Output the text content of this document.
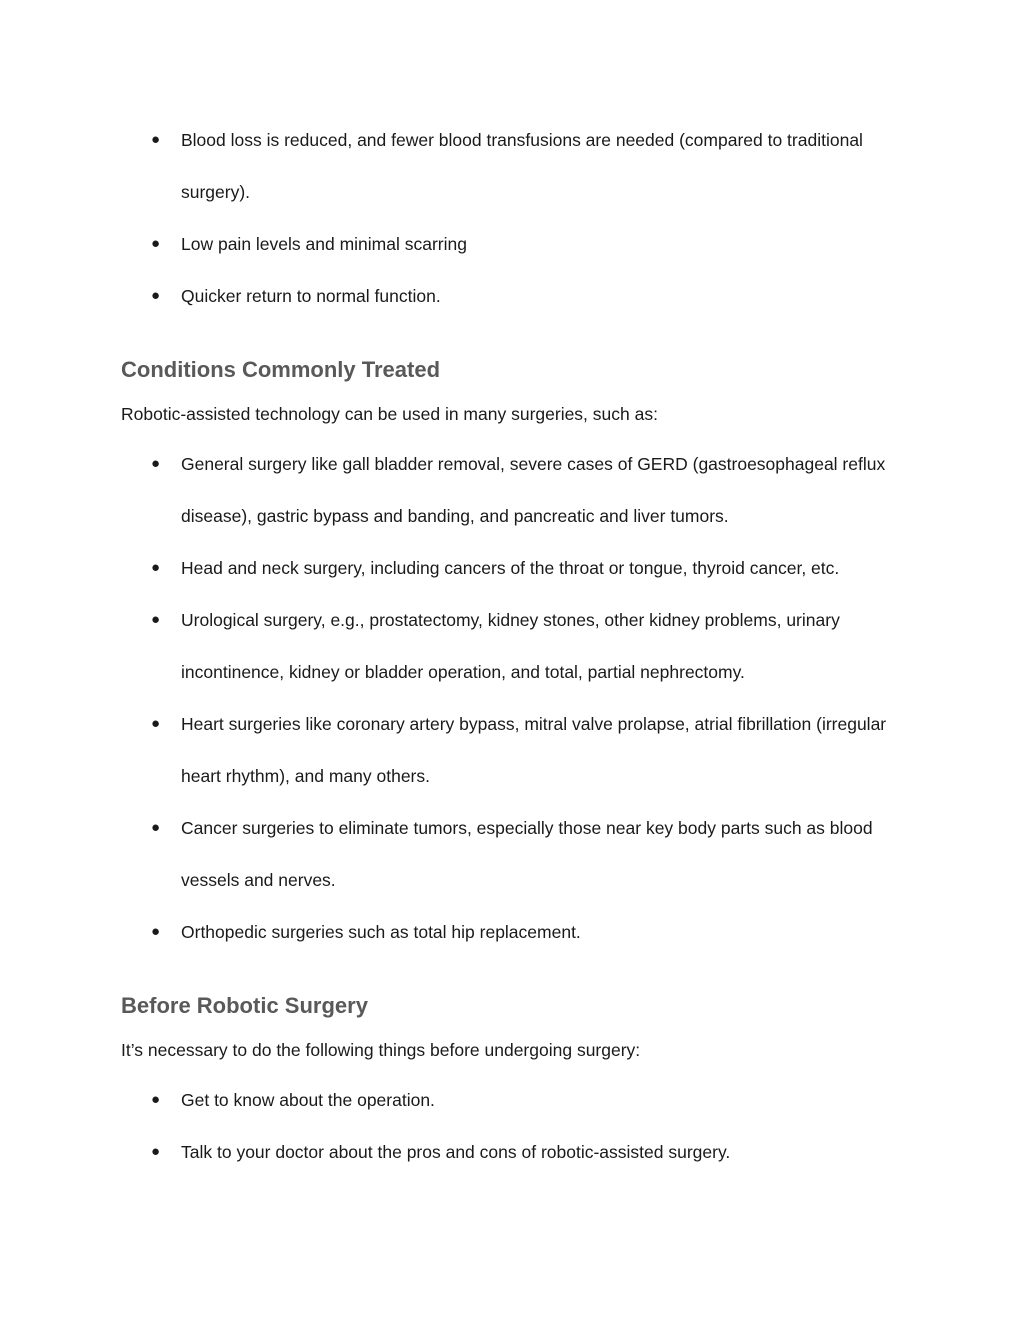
● Blood loss is reduced, and fewer blood transfusions are needed (compared to traditional surgery).
● Low pain levels and minimal scarring
● Quicker return to normal function.
Conditions Commonly Treated

Robotic-assisted technology can be used in many surgeries, such as:

● General surgery like gall bladder removal, severe cases of GERD (gastroesophageal reflux disease), gastric bypass and banding, and pancreatic and liver tumors.
● Head and neck surgery, including cancers of the throat or tongue, thyroid cancer, etc.
● Urological surgery, e.g., prostatectomy, kidney stones, other kidney problems, urinary incontinence, kidney or bladder operation, and total, partial nephrectomy.
● Heart surgeries like coronary artery bypass, mitral valve prolapse, atrial fibrillation (irregular heart rhythm), and many others.
● Cancer surgeries to eliminate tumors, especially those near key body parts such as blood vessels and nerves.
● Orthopedic surgeries such as total hip replacement.
Before Robotic Surgery

It’s necessary to do the following things before undergoing surgery:

● Get to know about the operation.
● Talk to your doctor about the pros and cons of robotic-assisted surgery.
